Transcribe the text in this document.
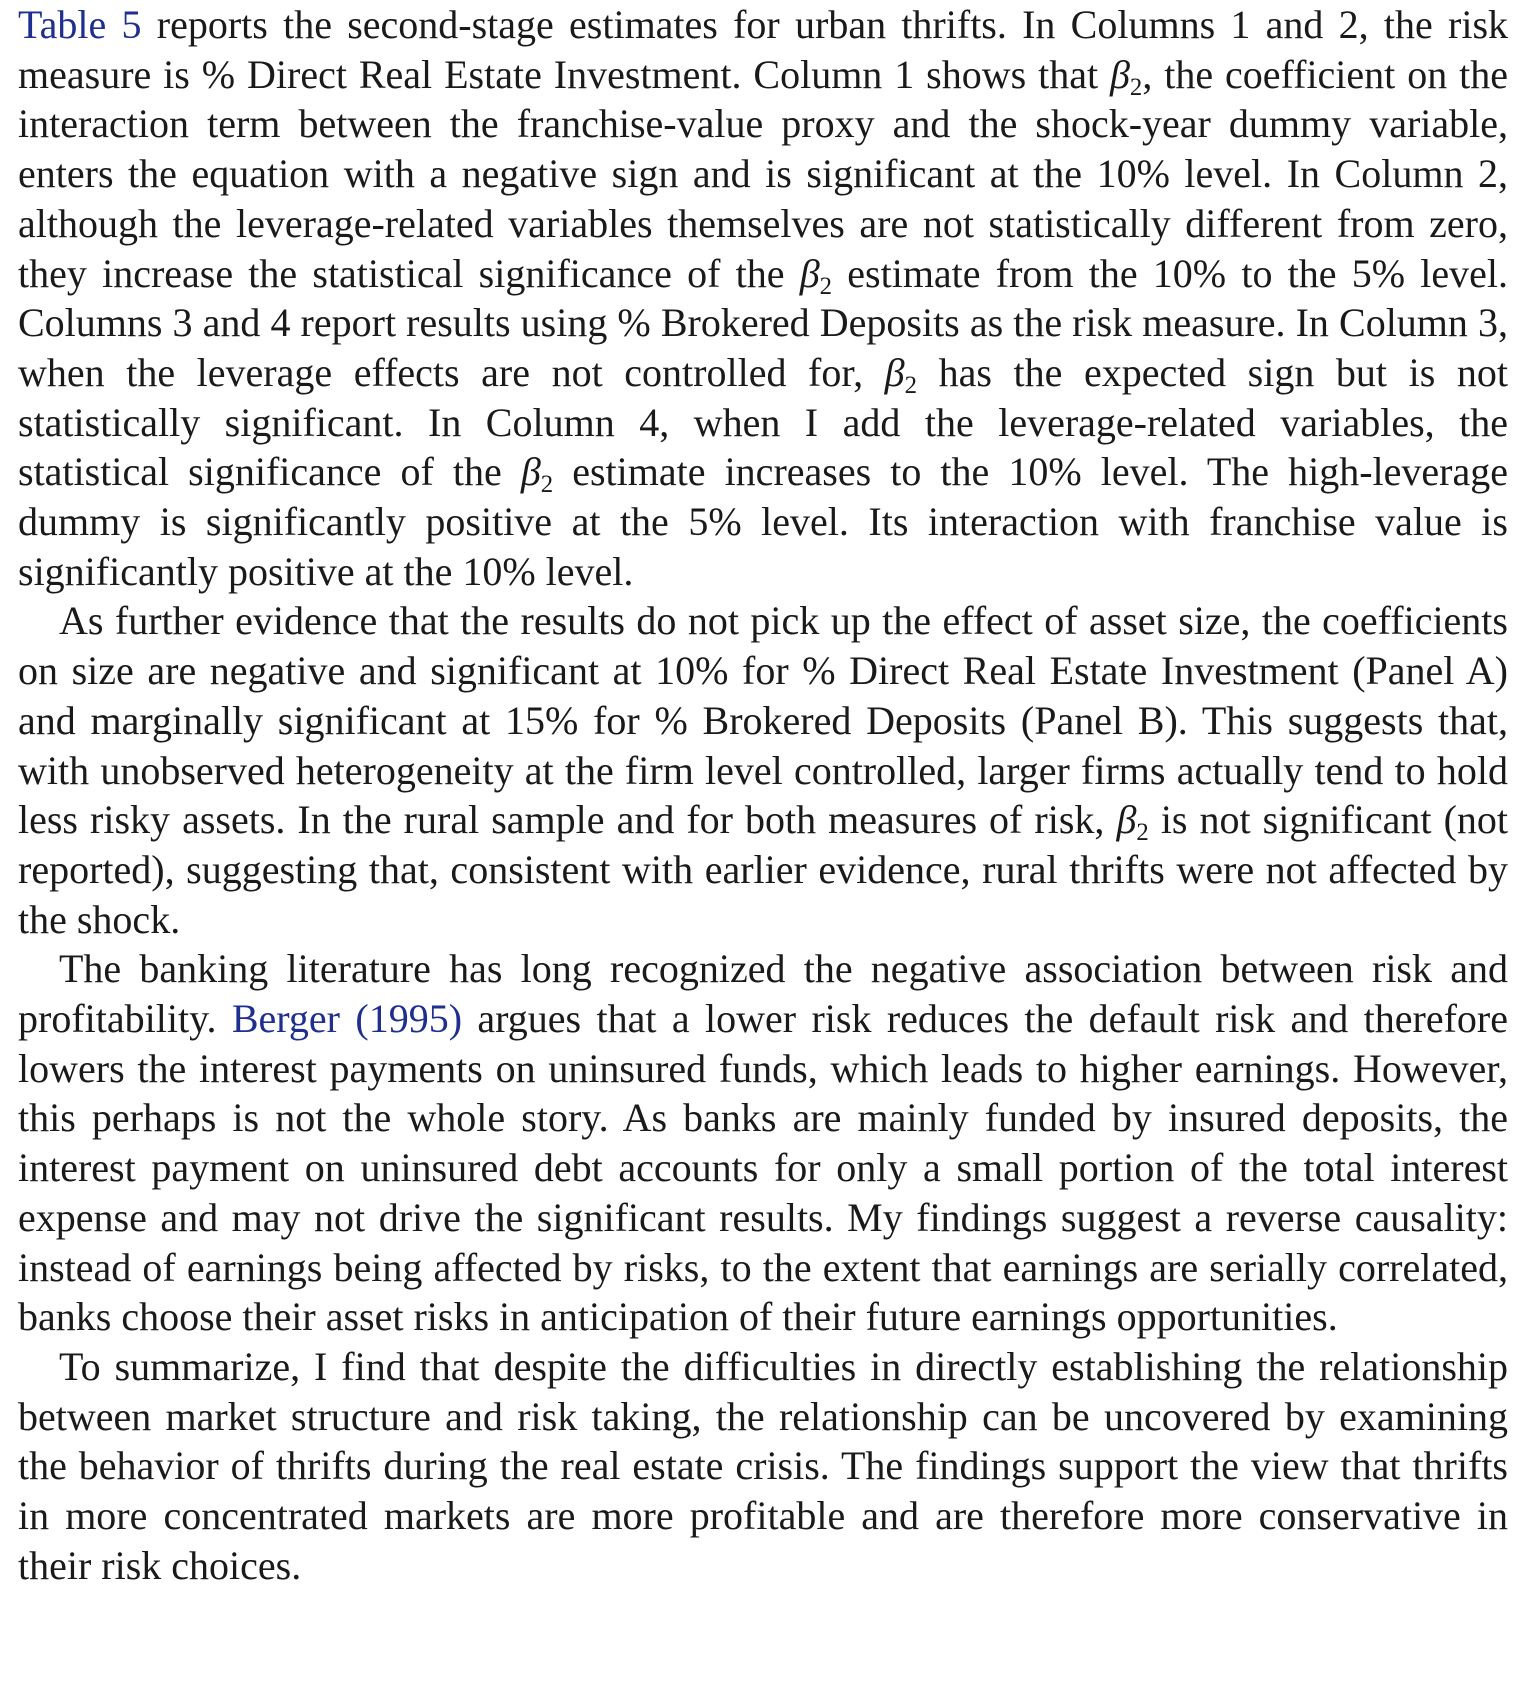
Table 5 reports the second-stage estimates for urban thrifts. In Columns 1 and 2, the risk measure is % Direct Real Estate Investment. Column 1 shows that $\beta_2$, the coefficient on the interaction term between the franchise-value proxy and the shock-year dummy variable, enters the equation with a negative sign and is significant at the 10% level. In Column 2, although the leverage-related variables themselves are not statistically different from zero, they increase the statistical significance of the $\beta_2$ estimate from the 10% to the 5% level. Columns 3 and 4 report results using % Brokered Deposits as the risk measure. In Column 3, when the leverage effects are not controlled for, $\beta_2$ has the expected sign but is not statistically significant. In Column 4, when I add the leverage-related variables, the statistical significance of the $\beta_2$ estimate increases to the 10% level. The high-leverage dummy is significantly positive at the 5% level. Its interaction with franchise value is significantly positive at the 10% level.

As further evidence that the results do not pick up the effect of asset size, the coefficients on size are negative and significant at 10% for % Direct Real Estate Investment (Panel A) and marginally significant at 15% for % Brokered Deposits (Panel B). This suggests that, with unobserved heterogeneity at the firm level controlled, larger firms actually tend to hold less risky assets. In the rural sample and for both measures of risk, $\beta_2$ is not significant (not reported), suggesting that, consistent with earlier evidence, rural thrifts were not affected by the shock.

The banking literature has long recognized the negative association between risk and profitability. Berger (1995) argues that a lower risk reduces the default risk and therefore lowers the interest payments on uninsured funds, which leads to higher earnings. However, this perhaps is not the whole story. As banks are mainly funded by insured deposits, the interest payment on uninsured debt accounts for only a small portion of the total interest expense and may not drive the significant results. My findings suggest a reverse causality: instead of earnings being affected by risks, to the extent that earnings are serially correlated, banks choose their asset risks in anticipation of their future earnings opportunities.

To summarize, I find that despite the difficulties in directly establishing the relationship between market structure and risk taking, the relationship can be uncovered by examining the behavior of thrifts during the real estate crisis. The findings support the view that thrifts in more concentrated markets are more profitable and are therefore more conservative in their risk choices.
